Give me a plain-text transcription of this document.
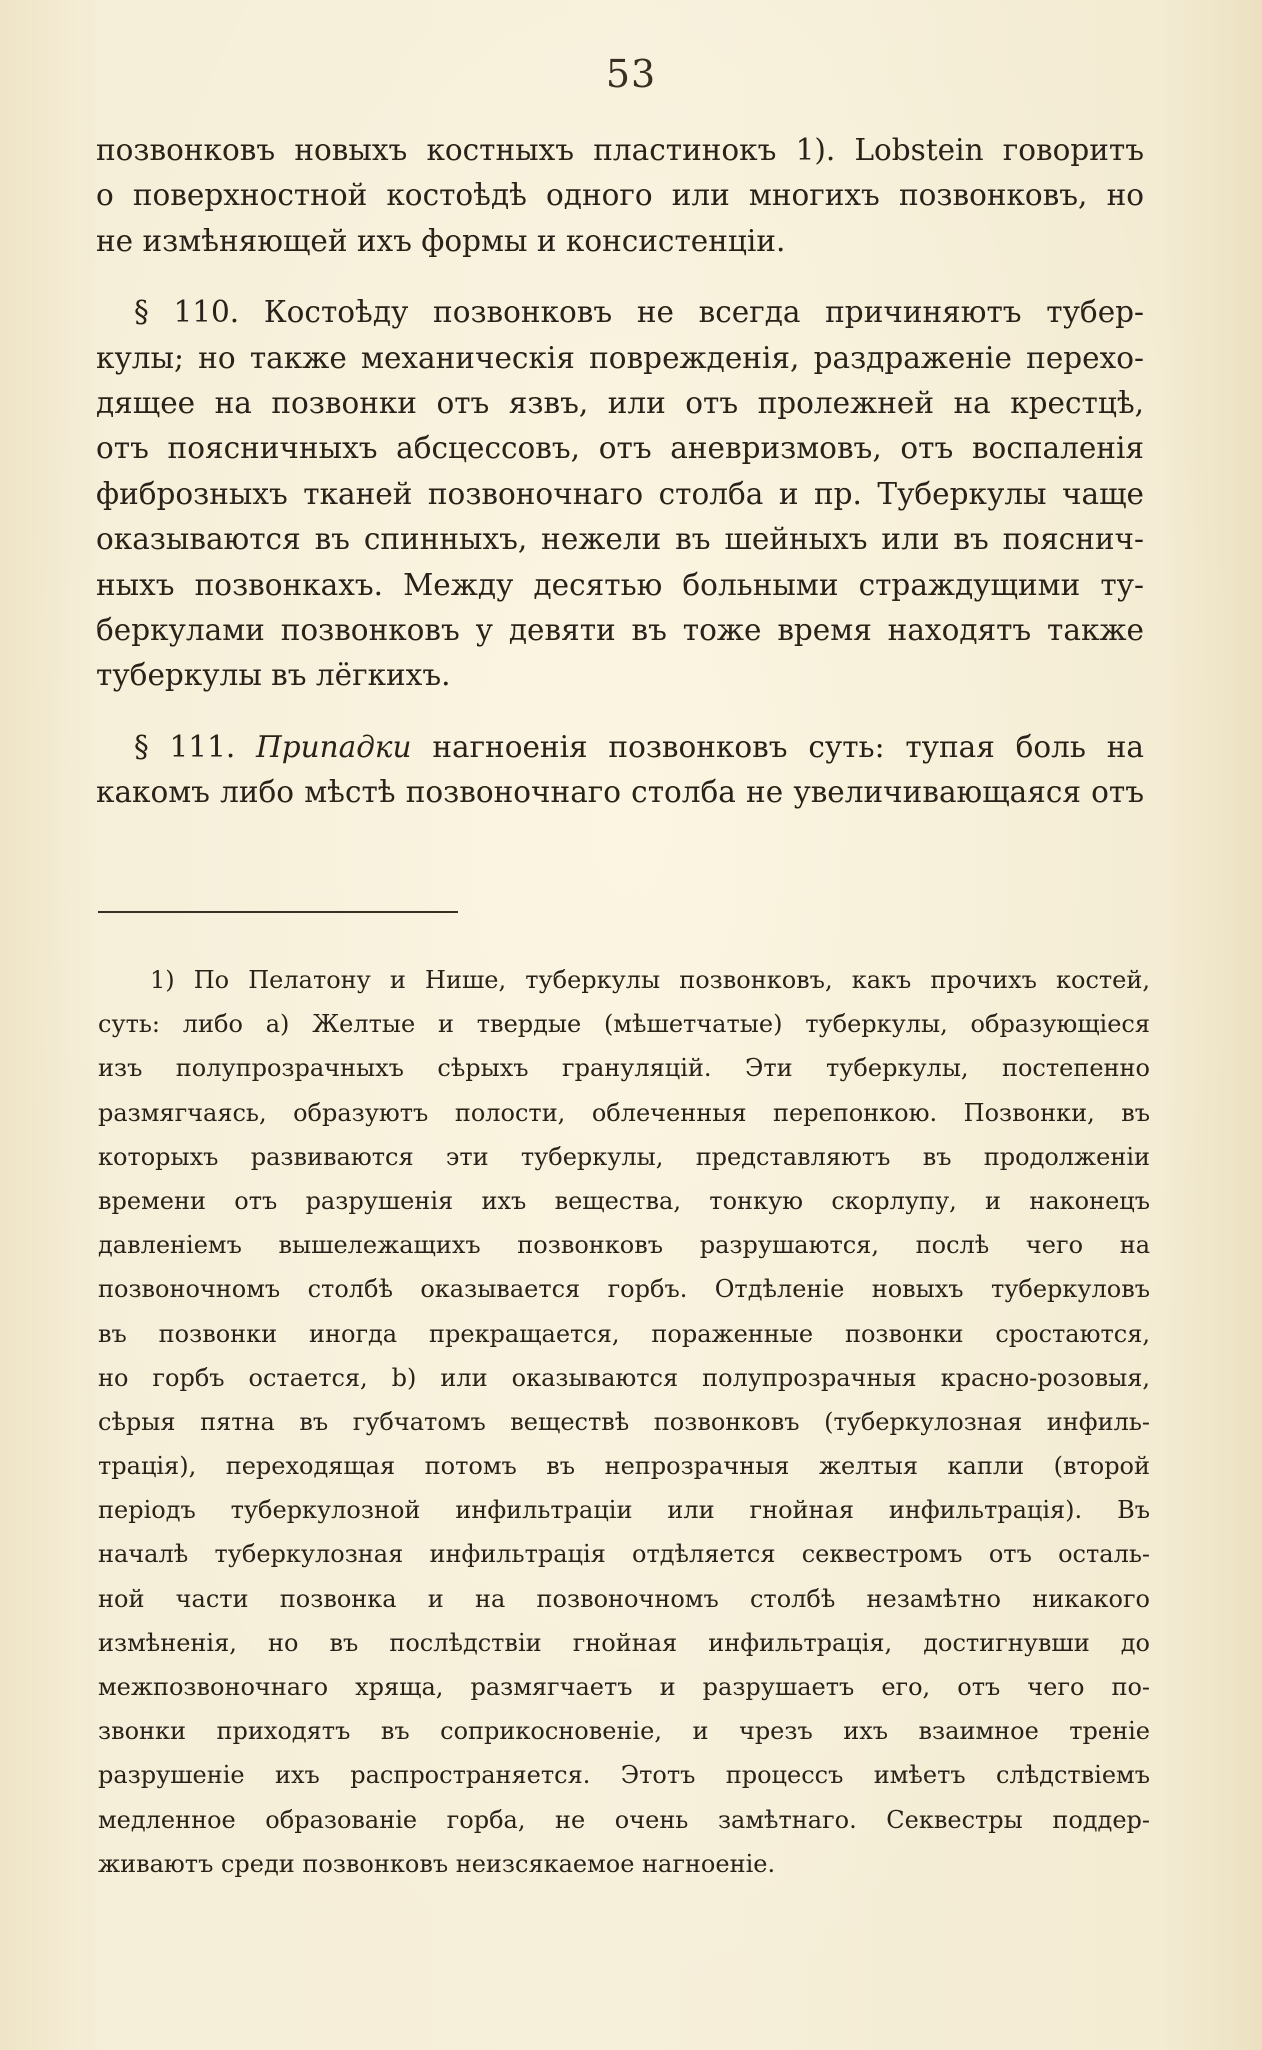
53

позвонковъ новыхъ костныхъ пластинокъ 1). Lobstein говоритъ
о поверхностной костоѣдѣ одного или многихъ позвонковъ, но
не измѣняющей ихъ формы и консистенціи.

§ 110. Костоѣду позвонковъ не всегда причиняютъ тубер-
кулы; но также механическія поврежденія, раздраженіе перехо-
дящее на позвонки отъ язвъ, или отъ пролежней на крестцѣ,
отъ поясничныхъ абсцессовъ, отъ аневризмовъ, отъ воспаленія
фиброзныхъ тканей позвоночнаго столба и пр. Туберкулы чаще
оказываются въ спинныхъ, нежели въ шейныхъ или въ пояснич-
ныхъ позвонкахъ. Между десятью больными страждущими ту-
беркулами позвонковъ у девяти въ тоже время находятъ также
туберкулы въ лёгкихъ.

§ 111. Припадки нагноенія позвонковъ суть: тупая боль на
какомъ либо мѣстѣ позвоночнаго столба не увеличивающаяся отъ

1) По Пелатону и Нише, туберкулы позвонковъ, какъ прочихъ костей,
суть: либо а) Желтые и твердые (мѣшетчатые) туберкулы, образующіеся
изъ полупрозрачныхъ сѣрыхъ грануляцій. Эти туберкулы, постепенно
размягчаясь, образуютъ полости, облеченныя перепонкою. Позвонки, въ
которыхъ развиваются эти туберкулы, представляютъ въ продолженіи
времени отъ разрушенія ихъ вещества, тонкую скорлупу, и наконецъ
давленіемъ вышележащихъ позвонковъ разрушаются, послѣ чего на
позвоночномъ столбѣ оказывается горбъ. Отдѣленіе новыхъ туберкуловъ
въ позвонки иногда прекращается, пораженные позвонки сростаются,
но горбъ остается, b) или оказываются полупрозрачныя красно-розовыя,
сѣрыя пятна въ губчатомъ веществѣ позвонковъ (туберкулозная инфиль-
трація), переходящая потомъ въ непрозрачныя желтыя капли (второй
періодъ туберкулозной инфильтраціи или гнойная инфильтрація). Въ
началѣ туберкулозная инфильтрація отдѣляется секвестромъ отъ осталь-
ной части позвонка и на позвоночномъ столбѣ незамѣтно никакого
измѣненія, но въ послѣдствіи гнойная инфильтрація, достигнувши до
межпозвоночнаго хряща, размягчаетъ и разрушаетъ его, отъ чего по-
звонки приходятъ въ соприкосновеніе, и чрезъ ихъ взаимное треніе
разрушеніе ихъ распространяется. Этотъ процессъ имѣетъ слѣдствіемъ
медленное образованіе горба, не очень замѣтнаго. Секвестры поддер-
живаютъ среди позвонковъ неизсякаемое нагноеніе.
